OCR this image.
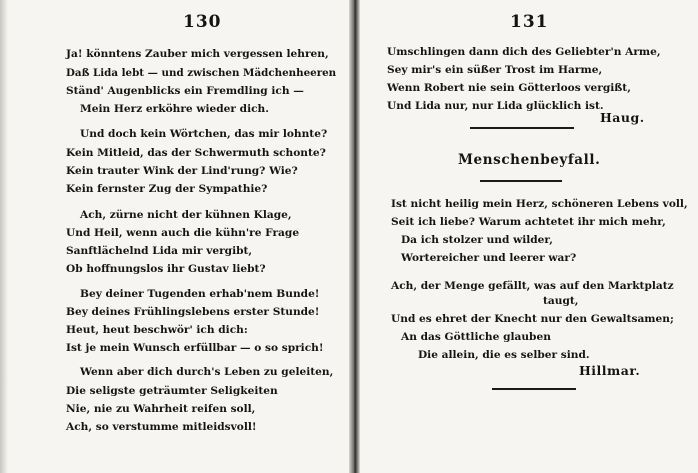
130
Ja! könntens Zauber mich vergessen lehren,
Daß Lida lebt — und zwischen Mädchenheeren
Ständ' Augenblicks ein Fremdling ich —
Mein Herz erköhre wieder dich.
Und doch kein Wörtchen, das mir lohnte?
Kein Mitleid, das der Schwermuth schonte?
Kein trauter Wink der Lind'rung? Wie?
Kein fernster Zug der Sympathie?
Ach, zürne nicht der kühnen Klage,
Und Heil, wenn auch die kühn're Frage
Sanftlächelnd Lida mir vergibt,
Ob hoffnungslos ihr Gustav liebt?
Bey deiner Tugenden erhab'nem Bunde!
Bey deines Frühlingslebens erster Stunde!
Heut, heut beschwör' ich dich:
Ist je mein Wunsch erfüllbar — o so sprich!
Wenn aber dich durch's Leben zu geleiten,
Die seligste geträumter Seligkeiten
Nie, nie zu Wahrheit reifen soll,
Ach, so verstumme mitleidsvoll!
131
Umschlingen dann dich des Geliebter'n Arme,
Sey mir's ein süßer Trost im Harme,
Wenn Robert nie sein Götterloos vergißt,
Und Lida nur, nur Lida glücklich ist.
Haug.
Menschenbeyfall.
Ist nicht heilig mein Herz, schöneren Lebens voll,
Seit ich liebe? Warum achtetet ihr mich mehr,
Da ich stolzer und wilder,
Wortereicher und leerer war?
Ach, der Menge gefällt, was auf den Marktplatz
taugt,
Und es ehret der Knecht nur den Gewaltsamen;
An das Göttliche glauben
Die allein, die es selber sind.
Hillmar.
